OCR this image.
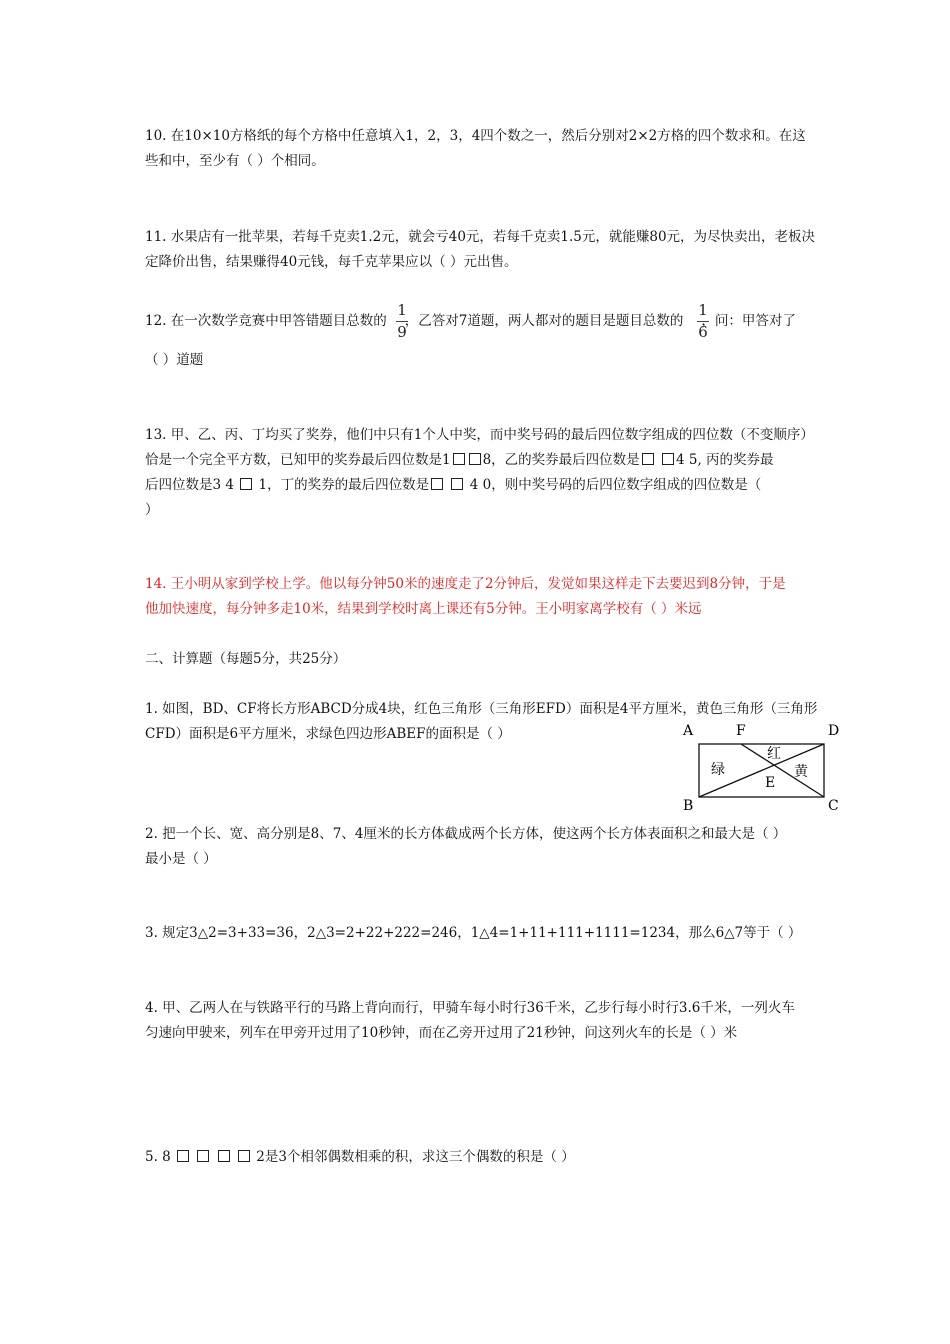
10. 在10×10方格纸的每个方格中任意填入1，2，3，4四个数之一，然后分别对2×2方格的四个数求和。在这

些和中，至少有（ ）个相同。

11. 水果店有一批苹果，若每千克卖1.2元，就会亏40元，若每千克卖1.5元，就能赚80元，为尽快卖出，老板决

定降价出售，结果赚得40元钱，每千克苹果应以（ ）元出售。

12. 在一次数学竞赛中甲答错题目总数的 ，乙答对7道题，两人都对的题目是题目总数的 ，问：甲答对了

1
9
1
6

（ ）道题

13. 甲、乙、丙、丁均买了奖券，他们中只有1个人中奖，而中奖号码的最后四位数字组成的四位数（不变顺序）

恰是一个完全平方数，已知甲的奖券最后四位数是1 8，乙的奖券最后四位数是	4 5, 丙的奖券最

后四位数是3 4  1，丁的奖券的最后四位数是	4 0，则中奖号码的后四位数字组成的四位数是（

）

14. 王小明从家到学校上学。他以每分钟50米的速度走了2分钟后，发觉如果这样走下去要迟到8分钟，于是

他加快速度，每分钟多走10米，结果到学校时离上课还有5分钟。王小明家离学校有（ ）米远

二、计算题（每题5分，共25分）

1. 如图，BD、CF将长方形ABCD分成4块，红色三角形（三角形EFD）面积是4平方厘米，黄色三角形（三角形

CFD）面积是6平方厘米，求绿色四边形ABEF的面积是（ ）	A	F	D
B	C
E
绿
红
黄

2. 把一个长、宽、高分别是8、7、4厘米的长方体截成两个长方体，使这两个长方体表面积之和最大是（ ）

最小是（ ）

3. 规定3△2=3+33=36，2△3=2+22+222=246，1△4=1+11+111+1111=1234，那么6△7等于（ ）

4. 甲、乙两人在与铁路平行的马路上背向而行，甲骑车每小时行36千米，乙步行每小时行3.6千米，一列火车

匀速向甲驶来，列车在甲旁开过用了10秒钟，而在乙旁开过用了21秒钟，问这列火车的长是（ ）米

5. 8	2是3个相邻偶数相乘的积，求这三个偶数的积是（ ）
